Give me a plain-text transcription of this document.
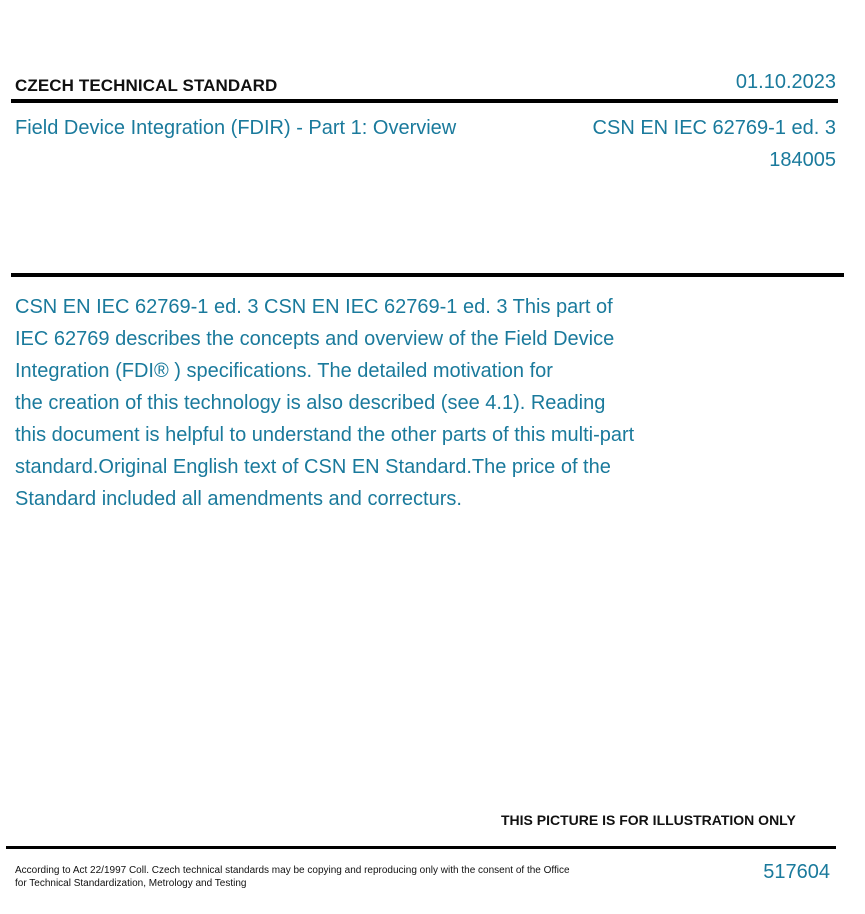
CZECH TECHNICAL STANDARD	01.10.2023
Field Device Integration (FDIR) - Part 1: Overview	CSN EN IEC 62769-1 ed. 3
184005
CSN EN IEC 62769-1 ed. 3 CSN EN IEC 62769-1 ed. 3 This part of
IEC 62769 describes the concepts and overview of the Field Device
Integration (FDI® ) specifications. The detailed motivation for
the creation of this technology is also described (see 4.1). Reading
this document is helpful to understand the other parts of this multi-part
standard.Original English text of CSN EN Standard.The price of the
Standard included all amendments and correcturs.
THIS PICTURE IS FOR ILLUSTRATION ONLY
According to Act 22/1997 Coll. Czech technical standards may be copying and reproducing only with the consent of the Office for Technical Standardization, Metrology and Testing
517604
